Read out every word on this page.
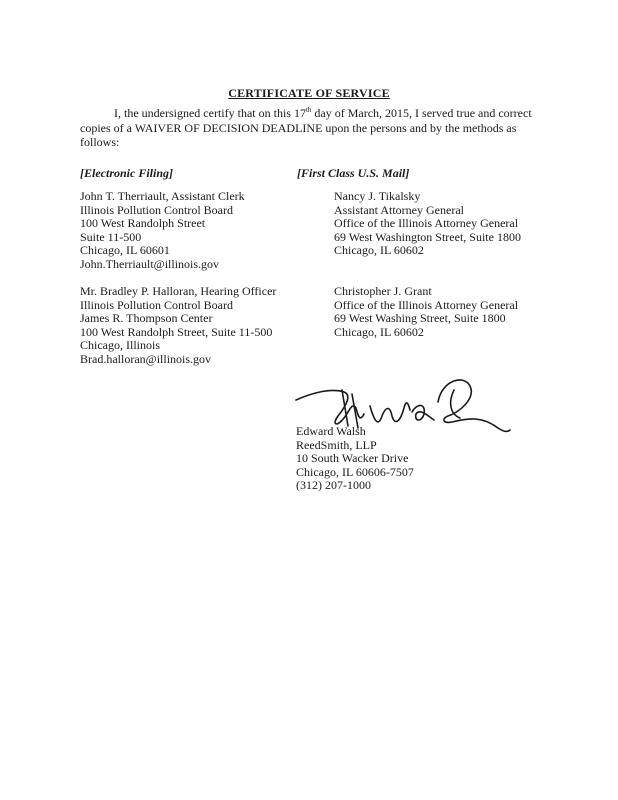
CERTIFICATE OF SERVICE
I, the undersigned certify that on this 17th day of March, 2015, I served true and correct
copies of a WAIVER OF DECISION DEADLINE upon the persons and by the methods as
follows:
[Electronic Filing]	[First Class U.S. Mail]
John T. Therriault, Assistant Clerk
Illinois Pollution Control Board
100 West Randolph Street
Suite 11-500
Chicago, IL 60601
John.Therriault@illinois.gov
Mr. Bradley P. Halloran, Hearing Officer
Illinois Pollution Control Board
James R. Thompson Center
100 West Randolph Street, Suite 11-500
Chicago, Illinois
Brad.halloran@illinois.gov
Nancy J. Tikalsky
Assistant Attorney General
Office of the Illinois Attorney General
69 West Washington Street, Suite 1800
Chicago, IL 60602
Christopher J. Grant
Office of the Illinois Attorney General
69 West Washing Street, Suite 1800
Chicago, IL 60602
Edward Walsh
ReedSmith, LLP
10 South Wacker Drive
Chicago, IL 60606-7507
(312) 207-1000
